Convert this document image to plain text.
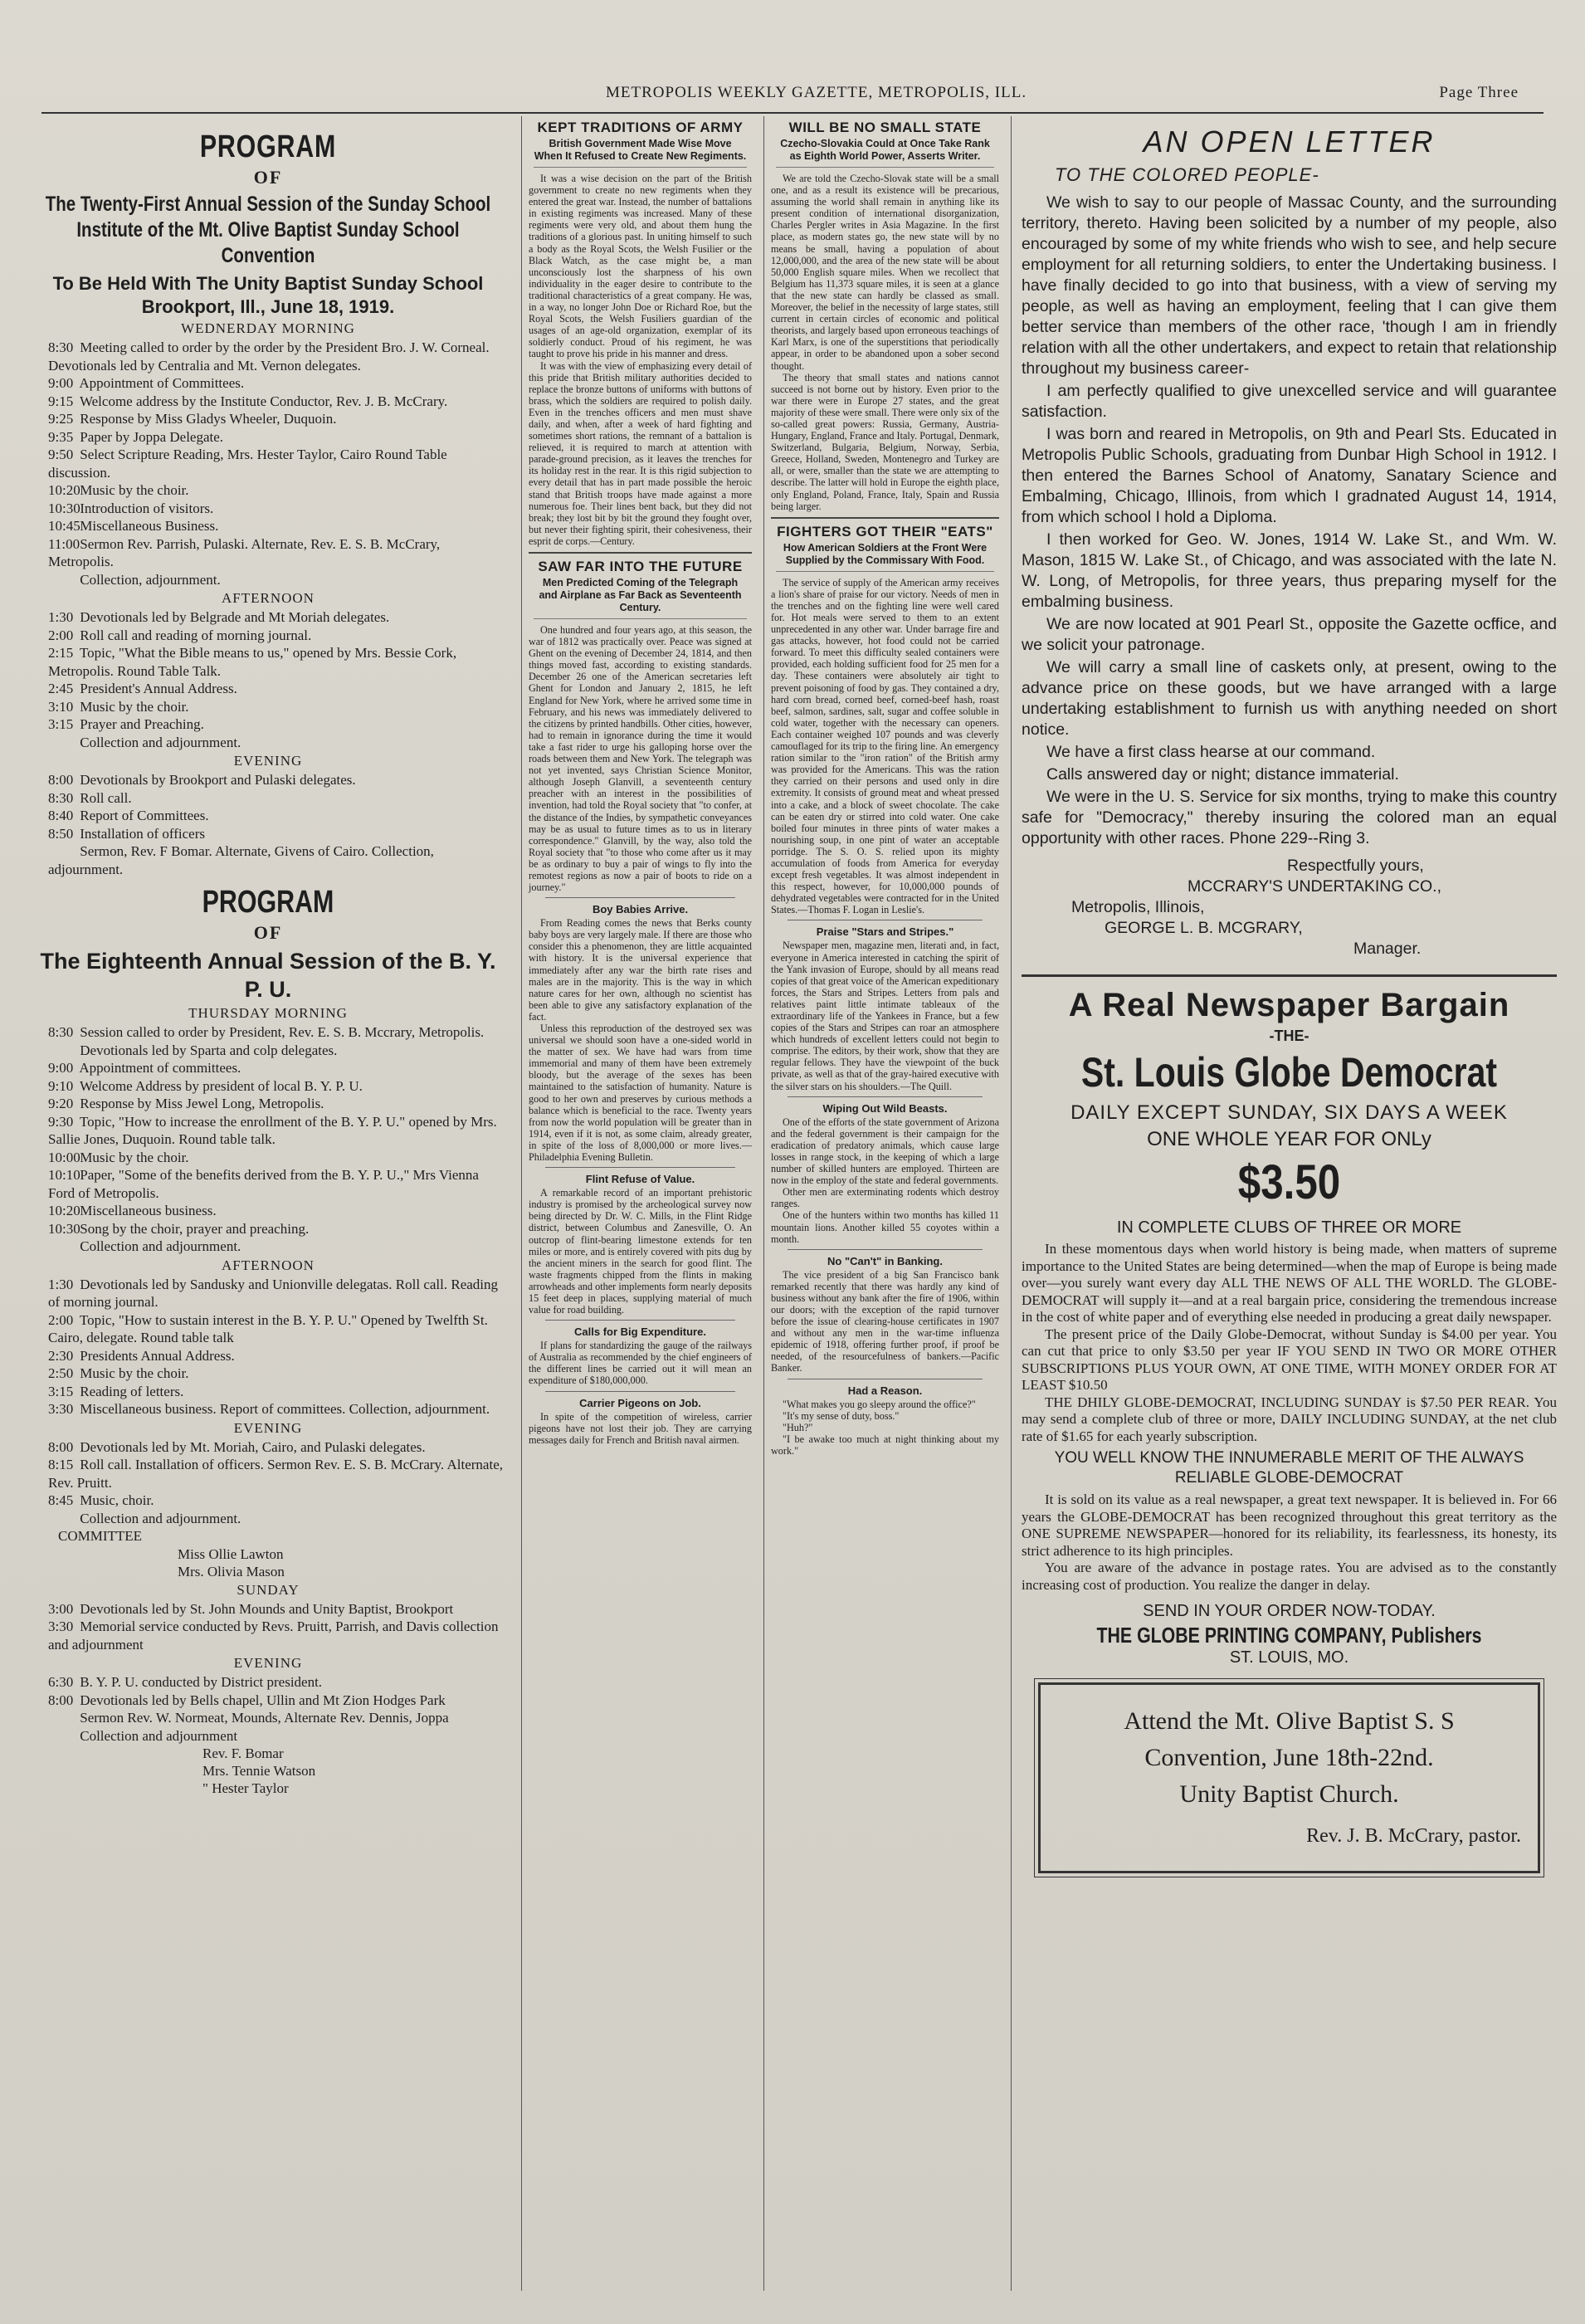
METROPOLIS WEEKLY GAZETTE, METROPOLIS, ILL.	Page Three
PROGRAM
OF
The Twenty-First Annual Session of the Sunday School Institute of the Mt. Olive Baptist Sunday School Convention
To Be Held With The Unity Baptist Sunday School Brookport, Ill., June 18, 1919.
WEDNERDAY MORNING

8:30 Meeting called to order by the order by the President Bro. J. W. Corneal. Devotionals led by Centralia and Mt. Vernon delegates.

9:00 Appointment of Committees.

9:15 Welcome address by the Institute Conductor, Rev. J. B. McCrary.

9:25 Response by Miss Gladys Wheeler, Duquoin.

9:35 Paper by Joppa Delegate.

9:50 Select Scripture Reading, Mrs. Hester Taylor, Cairo Round Table discussion.

10:20 Music by the choir.

10:30 Introduction of visitors.

10:45 Miscellaneous Business.

11:00 Sermon Rev. Parrish, Pulaski. Alternate, Rev. E. S. B. McCrary, Metropolis.

Collection, adjournment.

AFTERNOON

1:30 Devotionals led by Belgrade and Mt Moriah delegates.

2:00 Roll call and reading of morning journal.

2:15 Topic, "What the Bible means to us," opened by Mrs. Bessie Cork, Metropolis. Round Table Talk.

2:45 President's Annual Address.

3:10 Music by the choir.

3:15 Prayer and Preaching.

Collection and adjournment.

EVENING

8:00 Devotionals by Brookport and Pulaski delegates.

8:30 Roll call.

8:40 Report of Committees.

8:50 Installation of officers

Sermon, Rev. F Bomar. Alternate, Givens of Cairo. Collection, adjournment.

PROGRAM
OF
The Eighteenth Annual Session of the B. Y. P. U.
THURSDAY MORNING

8:30 Session called to order by President, Rev. E. S. B. Mccrary, Metropolis.

Devotionals led by Sparta and colp delegates.

9:00 Appointment of committees.

9:10 Welcome Address by president of local B. Y. P. U.

9:20 Response by Miss Jewel Long, Metropolis.

9:30 Topic, "How to increase the enrollment of the B. Y. P. U." opened by Mrs. Sallie Jones, Duquoin. Round table talk.

10:00 Music by the choir.

10:10 Paper, "Some of the benefits derived from the B. Y. P. U.," Mrs Vienna Ford of Metropolis.

10:20 Miscellaneous business.

10:30 Song by the choir, prayer and preaching.

Collection and adjournment.

AFTERNOON

1:30 Devotionals led by Sandusky and Unionville delegatas. Roll call. Reading of morning journal.

2:00 Topic, "How to sustain interest in the B. Y. P. U." Opened by Twelfth St. Cairo, delegate. Round table talk

2:30 Presidents Annual Address.

2:50 Music by the choir.

3:15 Reading of letters.

3:30 Miscellaneous business. Report of committees. Collection, adjournment.

EVENING

8:00 Devotionals led by Mt. Moriah, Cairo, and Pulaski delegates.

8:15 Roll call. Installation of officers. Sermon Rev. E. S. B. McCrary. Alternate, Rev. Pruitt.

8:45 Music, choir.

Collection and adjournment.

COMMITTEE

Miss Ollie Lawton

Mrs. Olivia Mason

SUNDAY

3:00 Devotionals led by St. John Mounds and Unity Baptist, Brookport

3:30 Memorial service conducted by Revs. Pruitt, Parrish, and Davis collection and adjournment

EVENING

6:30 B. Y. P. U. conducted by District president.

8:00 Devotionals led by Bells chapel, Ullin and Mt Zion Hodges Park

Sermon Rev. W. Normeat, Mounds, Alternate Rev. Dennis, Joppa

Collection and adjournment

Rev. F. Bomar

Mrs. Tennie Watson

" Hester Taylor

KEPT TRADITIONS OF ARMY
British Government Made Wise Move When It Refused to Create New Regiments.

It was a wise decision on the part of the British government to create no new regiments when they entered the great war. Instead, the number of battalions in existing regiments was increased. Many of these regiments were very old, and about them hung the traditions of a glorious past. In uniting himself to such a body as the Royal Scots, the Welsh Fusilier or the Black Watch, as the case might be, a man unconsciously lost the sharpness of his own individuality in the eager desire to contribute to the traditional characteristics of a great company. He was, in a way, no longer John Doe or Richard Roe, but the Royal Scots, the Welsh Fusiliers guardian of the usages of an age-old organization, exemplar of its soldierly conduct. Proud of his regiment, he was taught to prove his pride in his manner and dress.

It was with the view of emphasizing every detail of this pride that British military authorities decided to replace the bronze buttons of uniforms with buttons of brass, which the soldiers are required to polish daily. Even in the trenches officers and men must shave daily, and when, after a week of hard fighting and sometimes short rations, the remnant of a battalion is relieved, it is required to march at attention with parade-ground precision, as it leaves the trenches for its holiday rest in the rear. It is this rigid subjection to every detail that has in part made possible the heroic stand that British troops have made against a more numerous foe. Their lines bent back, but they did not break; they lost bit by bit the ground they fought over, but never their fighting spirit, their cohesiveness, their esprit de corps.—Century.

SAW FAR INTO THE FUTURE
Men Predicted Coming of the Telegraph and Airplane as Far Back as Seventeenth Century.

One hundred and four years ago, at this season, the war of 1812 was practically over. Peace was signed at Ghent on the evening of December 24, 1814, and then things moved fast, according to existing standards. December 26 one of the American secretaries left Ghent for London and January 2, 1815, he left England for New York, where he arrived some time in February, and his news was immediately delivered to the citizens by printed handbills. Other cities, however, had to remain in ignorance during the time it would take a fast rider to urge his galloping horse over the roads between them and New York. The telegraph was not yet invented, says Christian Science Monitor, although Joseph Glanvill, a seventeenth century preacher with an interest in the possibilities of invention, had told the Royal society that "to confer, at the distance of the Indies, by sympathetic conveyances may be as usual to future times as to us in literary correspondence." Glanvill, by the way, also told the Royal society that "to those who come after us it may be as ordinary to buy a pair of wings to fly into the remotest regions as now a pair of boots to ride on a journey."

Boy Babies Arrive.

From Reading comes the news that Berks county baby boys are very largely male. If there are those who consider this a phenomenon, they are little acquainted with history. It is the universal experience that immediately after any war the birth rate rises and males are in the majority. This is the way in which nature cares for her own, although no scientist has been able to give any satisfactory explanation of the fact.

Unless this reproduction of the destroyed sex was universal we should soon have a one-sided world in the matter of sex. We have had wars from time immemorial and many of them have been extremely bloody, but the average of the sexes has been maintained to the satisfaction of humanity. Nature is good to her own and preserves by curious methods a balance which is beneficial to the race. Twenty years from now the world population will be greater than in 1914, even if it is not, as some claim, already greater, in spite of the loss of 8,000,000 or more lives.—Philadelphia Evening Bulletin.

Flint Refuse of Value.

A remarkable record of an important prehistoric industry is promised by the archeological survey now being directed by Dr. W. C. Mills, in the Flint Ridge district, between Columbus and Zanesville, O. An outcrop of flint-bearing limestone extends for ten miles or more, and is entirely covered with pits dug by the ancient miners in the search for good flint. The waste fragments chipped from the flints in making arrowheads and other implements form nearly deposits 15 feet deep in places, supplying material of much value for road building.

Calls for Big Expenditure.

If plans for standardizing the gauge of the railways of Australia as recommended by the chief engineers of the different lines be carried out it will mean an expenditure of $180,000,000.

Carrier Pigeons on Job.

In spite of the competition of wireless, carrier pigeons have not lost their job. They are carrying messages daily for French and British naval airmen.

WILL BE NO SMALL STATE
Czecho-Slovakia Could at Once Take Rank as Eighth World Power, Asserts Writer.

We are told the Czecho-Slovak state will be a small one, and as a result its existence will be precarious, assuming the world shall remain in anything like its present condition of international disorganization, Charles Pergler writes in Asia Magazine. In the first place, as modern states go, the new state will by no means be small, having a population of about 12,000,000, and the area of the new state will be about 50,000 English square miles. When we recollect that Belgium has 11,373 square miles, it is seen at a glance that the new state can hardly be classed as small. Moreover, the belief in the necessity of large states, still current in certain circles of economic and political theorists, and largely based upon erroneous teachings of Karl Marx, is one of the superstitions that periodically appear, in order to be abandoned upon a sober second thought.

The theory that small states and nations cannot succeed is not borne out by history. Even prior to the war there were in Europe 27 states, and the great majority of these were small. There were only six of the so-called great powers: Russia, Germany, Austria-Hungary, England, France and Italy. Portugal, Denmark, Switzerland, Bulgaria, Belgium, Norway, Serbia, Greece, Holland, Sweden, Montenegro and Turkey are all, or were, smaller than the state we are attempting to describe. The latter will hold in Europe the eighth place, only England, Poland, France, Italy, Spain and Russia being larger.

FIGHTERS GOT THEIR "EATS"
How American Soldiers at the Front Were Supplied by the Commissary With Food.

The service of supply of the American army receives a lion's share of praise for our victory. Needs of men in the trenches and on the fighting line were well cared for. Hot meals were served to them to an extent unprecedented in any other war. Under barrage fire and gas attacks, however, hot food could not be carried forward. To meet this difficulty sealed containers were provided, each holding sufficient food for 25 men for a day. These containers were absolutely air tight to prevent poisoning of food by gas. They contained a dry, hard corn bread, corned beef, corned-beef hash, roast beef, salmon, sardines, salt, sugar and coffee soluble in cold water, together with the necessary can openers. Each container weighed 107 pounds and was cleverly camouflaged for its trip to the firing line. An emergency ration similar to the "iron ration" of the British army was provided for the Americans. This was the ration they carried on their persons and used only in dire extremity. It consists of ground meat and wheat pressed into a cake, and a block of sweet chocolate. The cake can be eaten dry or stirred into cold water. One cake boiled four minutes in three pints of water makes a nourishing soup, in one pint of water an acceptable porridge. The S. O. S. relied upon its mighty accumulation of foods from America for everyday except fresh vegetables. It was almost independent in this respect, however, for 10,000,000 pounds of dehydrated vegetables were contracted for in the United States.—Thomas F. Logan in Leslie's.

Praise "Stars and Stripes."

Newspaper men, magazine men, literati and, in fact, everyone in America interested in catching the spirit of the Yank invasion of Europe, should by all means read copies of that great voice of the American expeditionary forces, the Stars and Stripes. Letters from pals and relatives paint little intimate tableaux of the extraordinary life of the Yankees in France, but a few copies of the Stars and Stripes can roar an atmosphere which hundreds of excellent letters could not begin to comprise. The editors, by their work, show that they are regular fellows. They have the viewpoint of the buck private, as well as that of the gray-haired executive with the silver stars on his shoulders.—The Quill.

Wiping Out Wild Beasts.

One of the efforts of the state government of Arizona and the federal government is their campaign for the eradication of predatory animals, which cause large losses in range stock, in the keeping of which a large number of skilled hunters are employed. Thirteen are now in the employ of the state and federal governments.

Other men are exterminating rodents which destroy ranges.

One of the hunters within two months has killed 11 mountain lions. Another killed 55 coyotes within a month.

No "Can't" in Banking.

The vice president of a big San Francisco bank remarked recently that there was hardly any kind of business without any bank after the fire of 1906, within our doors; with the exception of the rapid turnover before the issue of clearing-house certificates in 1907 and without any men in the war-time influenza epidemic of 1918, offering further proof, if proof be needed, of the resourcefulness of bankers.—Pacific Banker.

Had a Reason.

"What makes you go sleepy around the office?"

"It's my sense of duty, boss."

"Huh?"

"I be awake too much at night thinking about my work."

AN OPEN LETTER
TO THE COLORED PEOPLE-

We wish to say to our people of Massac County, and the surrounding territory, thereto. Having been solicited by a number of my people, also encouraged by some of my white friends who wish to see, and help secure employment for all returning soldiers, to enter the Undertaking business. I have finally decided to go into that business, with a view of serving my people, as well as having an employment, feeling that I can give them better service than members of the other race, 'though I am in friendly relation with all the other undertakers, and expect to retain that relationship throughout my business career-

I am perfectly qualified to give unexcelled service and will guarantee satisfaction.

I was born and reared in Metropolis, on 9th and Pearl Sts. Educated in Metropolis Public Schools, graduating from Dunbar High School in 1912. I then entered the Barnes School of Anatomy, Sanatary Science and Embalming, Chicago, Illinois, from which I gradnated August 14, 1914, from which school I hold a Diploma.

I then worked for Geo. W. Jones, 1914 W. Lake St., and Wm. W. Mason, 1815 W. Lake St., of Chicago, and was associated with the late N. W. Long, of Metropolis, for three years, thus preparing myself for the embalming business.

We are now located at 901 Pearl St., opposite the Gazette ocffice, and we solicit your patronage.

We will carry a small line of caskets only, at present, owing to the advance price on these goods, but we have arranged with a large undertaking establishment to furnish us with anything needed on short notice.

We have a first class hearse at our command.

Calls answered day or night; distance immaterial.

We were in the U. S. Service for six months, trying to make this country safe for "Democracy," thereby insuring the colored man an equal opportunity with other races. Phone 229--Ring 3.

Respectfully yours,

MCCRARY'S UNDERTAKING CO.,

Metropolis, Illinois,

GEORGE L. B. MCGRARY,

Manager.

A Real Newspaper Bargain
-THE-
St. Louis Globe Democrat
DAILY EXCEPT SUNDAY, SIX DAYS A WEEK
ONE WHOLE YEAR FOR ONLy
$3.50
IN COMPLETE CLUBS OF THREE OR MORE

In these momentous days when world history is being made, when matters of supreme importance to the United States are being determined—when the map of Europe is being made over—you surely want every day ALL THE NEWS OF ALL THE WORLD. The GLOBE-DEMOCRAT will supply it—and at a real bargain price, considering the tremendous increase in the cost of white paper and of everything else needed in producing a great daily newspaper.

The present price of the Daily Globe-Democrat, without Sunday is $4.00 per year. You can cut that price to only $3.50 per year IF YOU SEND IN TWO OR MORE OTHER SUBSCRIPTIONS PLUS YOUR OWN, AT ONE TIME, WITH MONEY ORDER FOR AT LEAST $10.50

THE DHILY GLOBE-DEMOCRAT, INCLUDING SUNDAY is $7.50 PER REAR. You may send a complete club of three or more, DAILY INCLUDING SUNDAY, at the net club rate of $1.65 for each yearly subscription.

YOU WELL KNOW THE INNUMERABLE MERIT OF THE ALWAYS RELIABLE GLOBE-DEMOCRAT

It is sold on its value as a real newspaper, a great text newspaper. It is believed in. For 66 years the GLOBE-DEMOCRAT has been recognized throughout this great territory as the ONE SUPREME NEWSPAPER—honored for its reliability, its fearlessness, its honesty, its strict adherence to its high principles.

You are aware of the advance in postage rates. You are advised as to the constantly increasing cost of production. You realize the danger in delay.

SEND IN YOUR ORDER NOW-TODAY.
THE GLOBE PRINTING COMPANY, Publishers
ST. LOUIS, MO.

Attend the Mt. Olive Baptist S. S

Convention, June 18th-22nd.

Unity Baptist Church.

Rev. J. B. McCrary, pastor.
